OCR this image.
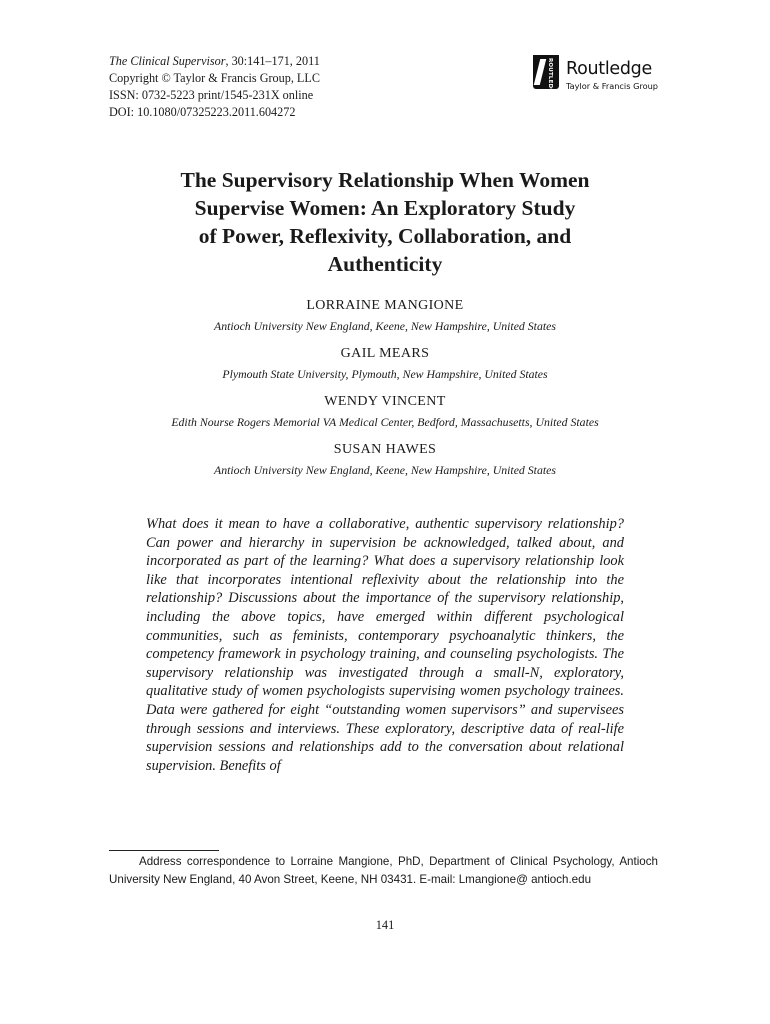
The Clinical Supervisor, 30:141–171, 2011
Copyright © Taylor & Francis Group, LLC
ISSN: 0732-5223 print/1545-231X online
DOI: 10.1080/07325223.2011.604272
ROUTLEDGE Routledge
Taylor & Francis Group
The Supervisory Relationship When Women
Supervise Women: An Exploratory Study
of Power, Reflexivity, Collaboration, and
Authenticity
LORRAINE MANGIONE
Antioch University New England, Keene, New Hampshire, United States
GAIL MEARS
Plymouth State University, Plymouth, New Hampshire, United States
WENDY VINCENT
Edith Nourse Rogers Memorial VA Medical Center, Bedford, Massachusetts, United States
SUSAN HAWES
Antioch University New England, Keene, New Hampshire, United States

What does it mean to have a collaborative, authentic supervisory relationship? Can power and hierarchy in supervision be acknowledged, talked about, and incorporated as part of the learning? What does a supervisory relationship look like that incorporates intentional reflexivity about the relationship into the relationship? Discussions about the importance of the supervisory relationship, including the above topics, have emerged within different psychological communities, such as feminists, contemporary psychoanalytic thinkers, the competency framework in psychology training, and counseling psychologists. The supervisory relationship was investigated through a small-N, exploratory, qualitative study of women psychologists supervising women psychology trainees. Data were gathered for eight “outstanding women supervisors” and supervisees through sessions and interviews. These exploratory, descriptive data of real-life supervision sessions and relationships add to the conversation about relational supervision. Benefits of

Address correspondence to Lorraine Mangione, PhD, Department of Clinical Psychology, Antioch University New England, 40 Avon Street, Keene, NH 03431. E-mail: Lmangione@ antioch.edu

141
